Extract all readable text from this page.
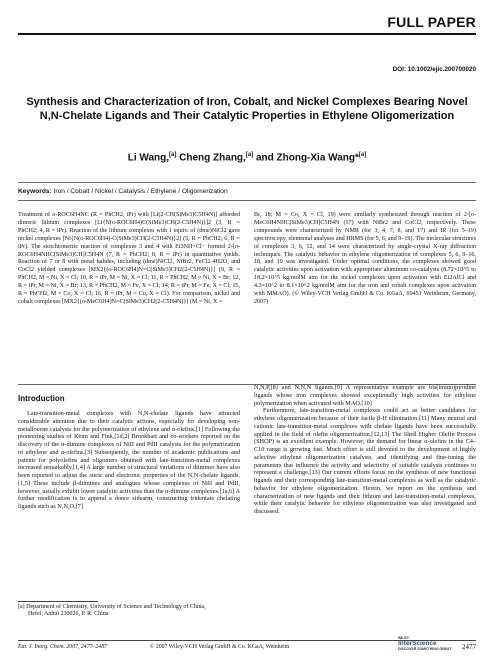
FULL PAPER
DOI: 10.1002/ejic.200700020
Synthesis and Characterization of Iron, Cobalt, and Nickel Complexes Bearing Novel N,N-Chelate Ligands and Their Catalytic Properties in Ethylene Oligomerization
Li Wang,[a] Cheng Zhang,[a] and Zhong-Xia Wang*[a]
Keywords: Iron / Cobalt / Nickel / Catalysis / Ethylene / Oligomerization
Treatment of o-ROC6H4NC (R = PhCH2, iPr) with [Li(2-CH(SiMe3)C5H4N)] afforded dimeric lithium complexes [Li{N(o-ROC6H4)C(SiMe3)CH(2-C5H4N)}]2 (3, R = PhCH2; 4, R = iPr). Reaction of the lithium complexes with 1 equiv. of (dme)NiCl2 gave nickel complexes [Ni{N(o-ROC6H4)-C(SiMe3)CH(2-C5H4N)}2] (5, R = PhCH2; 6, R = iPr). The stoichiometric reaction of complexes 3 and 4 with Et3NH+Cl− formed 2-[o-ROC6H4NHC(SiMe3)CH]C5H4N (7, R = PhCH2; 8, R = iPr) in quantitative yields. Reaction of 7 or 8 with metal halides, including (dme)NiCl2, NiBr2, FeCl2·4H2O, and CoCl2 yielded complexes [MX2{(o-ROC6H4)N=C(SiMe3)CH2(2-C5H4N)}] (9, R = PhCH2, M = Ni, X = Cl; 10, R = iPr, M = Ni, X = Cl; 11, R = PhCH2, M = Ni, X = Br; 12, R = iPr, M = Ni, X = Br; 13, R = PhCH2, M = Fe, X = Cl; 14, R = iPr, M = Fe, X = Cl; 15, R = PhCH2, M = Co, X = Cl; 16, R = iPr, M = Co, X = Cl). For comparison, nickel and cobalt complexes [MX2{(o-MeC6H4)N=C(SiMe3)CH2(2-C5H4N)}] (M = Ni, X =
Br, 18; M = Co, X = Cl, 19) were similarly synthesized through reaction of 2-[o-MeC6H4NHC(SiMe3)CH]C5H4N (17) with NiBr2 and CoCl2, respectively. These compounds were characterized by NMR (for 3, 4, 7, 8, and 17) and IR (for 5–19) spectroscopy, elemental analyses and HRMS (for 5, 6, and 9–19). The molecular structures of complexes 3, 6, 12, and 14 were characterized by single-crystal X-ray diffraction techniques. The catalytic behavior in ethylene oligomerization of complexes 5, 6, 9–16, 18, and 19 was investigated. Under optimal conditions, the complexes showed good catalytic activities upon activation with appropriate aluminum co-catalysts (8.72×10^5 to 18.2×10^5 kg/molM atm for the nickel complexes upon activation with Et2AlCl and 4.3×10^2 to 8.1×10^2 kg/molM atm for the iron and cobalt complexes upon activation with MMAO). (© Wiley-VCH Verlag GmbH & Co. KGaA, 69451 Weinheim, Germany, 2007)
Introduction

Late-transition-metal complexes with N,N-chelate ligands have attracted considerable attention due to their catalytic actions, especially for developing non-metallocene catalysts for the polymerization of ethylene and α-olefins.[1] Following the pioneering studies of Keim and Fink,[1d,2] Brookhart and co-workers reported on the discovery of the α-diimine complexes of NiII and PdII catalysts for the polymerization of ethylene and α-olefins.[3] Subsequently, the number of academic publications and patents for polyolefins and oligomers obtained with late-transition-metal complexes increased remarkably.[1,4] A large number of structural variations of diimines have also been reported to adjust the steric and electronic properties of the N,N-chelate ligands.[1,5] These include β-diimines and analogues whose complexes of NiII and PdII, however, usually exhibit lower catalytic activities than the α-diimine complexes.[1a,6] A further modification is to append a donor sidearm, constructing tridentate chelating ligands such as N,N,O,[7]

N,N,P,[8] and N,N,N ligands.[9] A representative example are bis(imino)pyridine ligands whose iron complexes showed exceptionally high activities for ethylene polymerization when activated with MAO.[10]

Furthermore, late-transition-metal complexes could act as better candidates for ethylene oligomerization because of their facile β-H elimination.[11] Many neutral and cationic late-transition-metal complexes with chelate ligands have been successfully applied in the field of olefin oligomerization.[12,13] The Shell Higher Olefin Process (SHOP) is an excellent example. However, the demand for linear α-olefins in the C4–C10 range is growing fast. Much effort is still devoted to the development of highly selective ethylene oligomerization catalysts, and identifying and fine-tuning the parameters that influence the activity and selectivity of suitable catalysts continues to represent a challenge.[13] Our current efforts focus on the synthesis of new functional ligands and their corresponding late-transition-metal complexes as well as the catalytic behavior for ethylene oligomerization. Herein, we report on the synthesis and characterization of new ligands and their lithium and late-transition-metal complexes, while their catalytic behavior for ethylene oligomerization was also investigated and discussed.

[a] Department of Chemistry, University of Science and Technology of China,
Hefei, Anhui 230026, P. R. China
Eur. J. Inorg. Chem. 2007, 2477–2487	© 2007 Wiley-VCH Verlag GmbH & Co. KGaA, Weinheim
WILEY
InterScience
DISCOVER SOMETHING GREAT	2477
